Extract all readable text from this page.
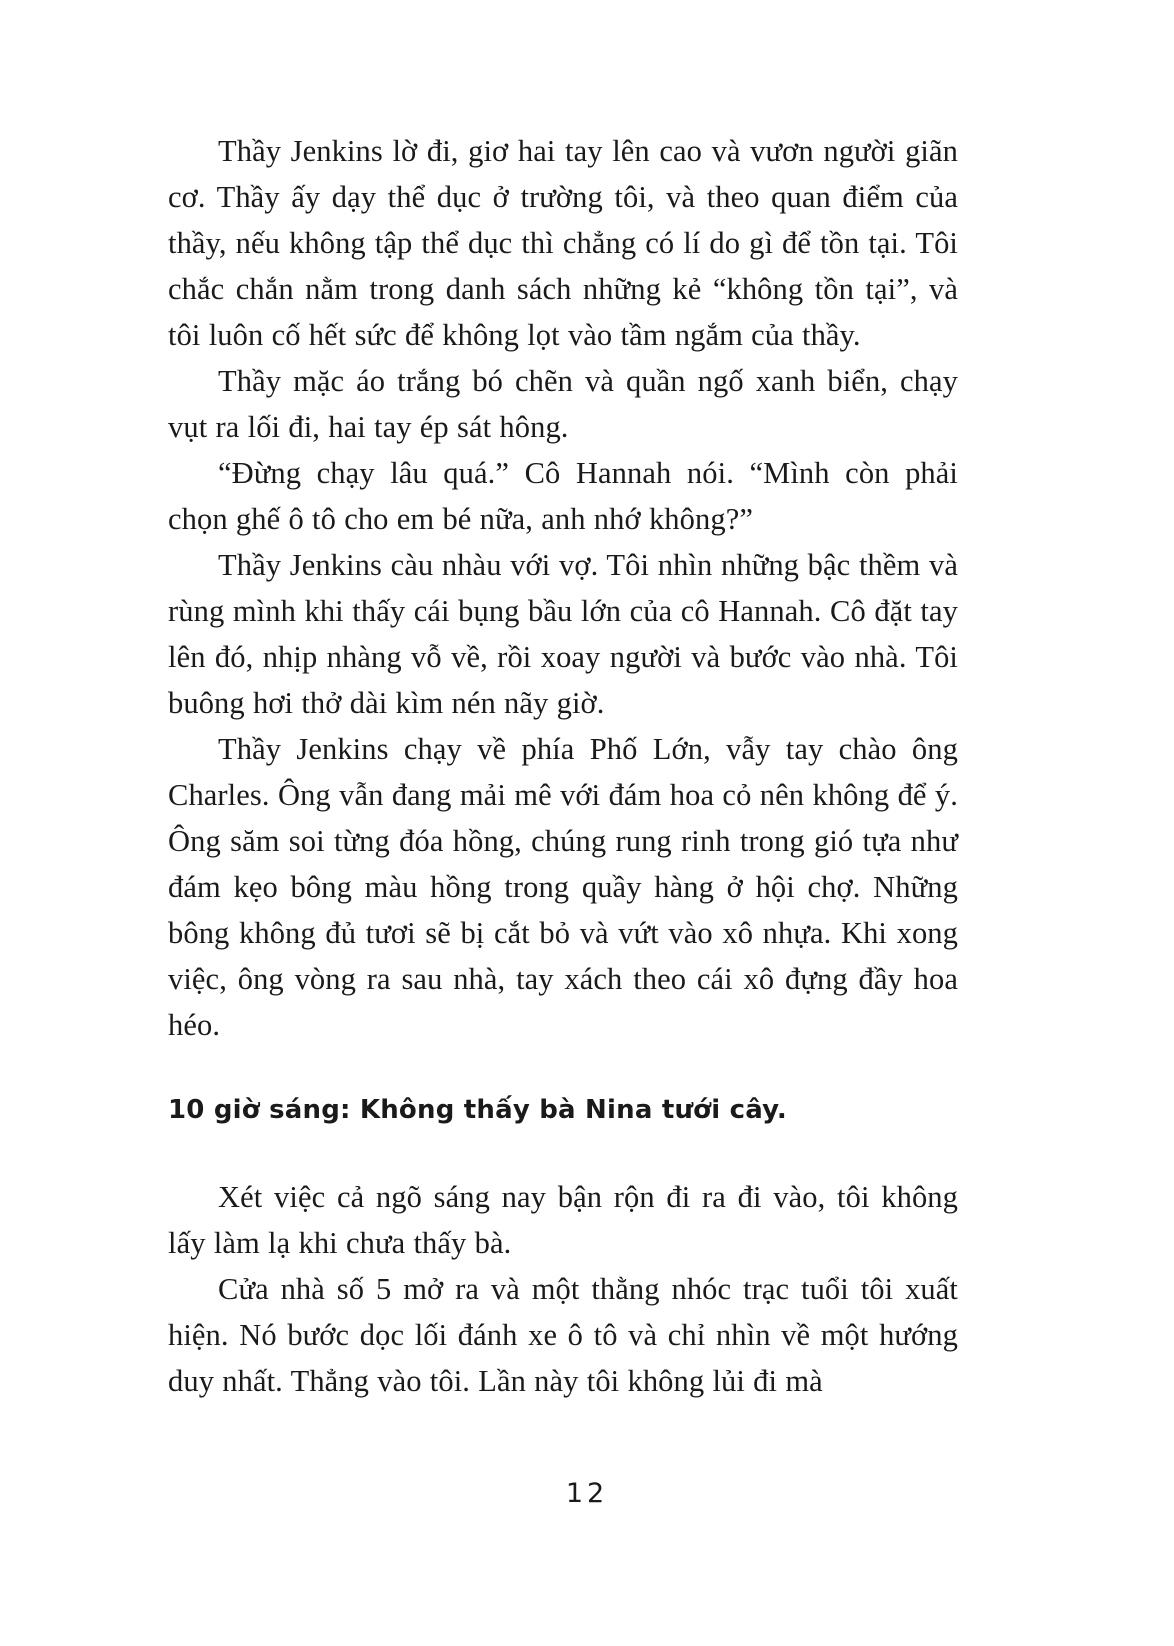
Thầy Jenkins lờ đi, giơ hai tay lên cao và vươn người giãn cơ. Thầy ấy dạy thể dục ở trường tôi, và theo quan điểm của thầy, nếu không tập thể dục thì chẳng có lí do gì để tồn tại. Tôi chắc chắn nằm trong danh sách những kẻ “không tồn tại”, và tôi luôn cố hết sức để không lọt vào tầm ngắm của thầy.

Thầy mặc áo trắng bó chẽn và quần ngố xanh biển, chạy vụt ra lối đi, hai tay ép sát hông.

“Đừng chạy lâu quá.” Cô Hannah nói. “Mình còn phải chọn ghế ô tô cho em bé nữa, anh nhớ không?”

Thầy Jenkins càu nhàu với vợ. Tôi nhìn những bậc thềm và rùng mình khi thấy cái bụng bầu lớn của cô Hannah. Cô đặt tay lên đó, nhịp nhàng vỗ về, rồi xoay người và bước vào nhà. Tôi buông hơi thở dài kìm nén nãy giờ.

Thầy Jenkins chạy về phía Phố Lớn, vẫy tay chào ông Charles. Ông vẫn đang mải mê với đám hoa cỏ nên không để ý. Ông săm soi từng đóa hồng, chúng rung rinh trong gió tựa như đám kẹo bông màu hồng trong quầy hàng ở hội chợ. Những bông không đủ tươi sẽ bị cắt bỏ và vứt vào xô nhựa. Khi xong việc, ông vòng ra sau nhà, tay xách theo cái xô đựng đầy hoa héo.

10 giờ sáng: Không thấy bà Nina tưới cây.

Xét việc cả ngõ sáng nay bận rộn đi ra đi vào, tôi không lấy làm lạ khi chưa thấy bà.

Cửa nhà số 5 mở ra và một thằng nhóc trạc tuổi tôi xuất hiện. Nó bước dọc lối đánh xe ô tô và chỉ nhìn về một hướng duy nhất. Thẳng vào tôi. Lần này tôi không lủi đi mà

12
